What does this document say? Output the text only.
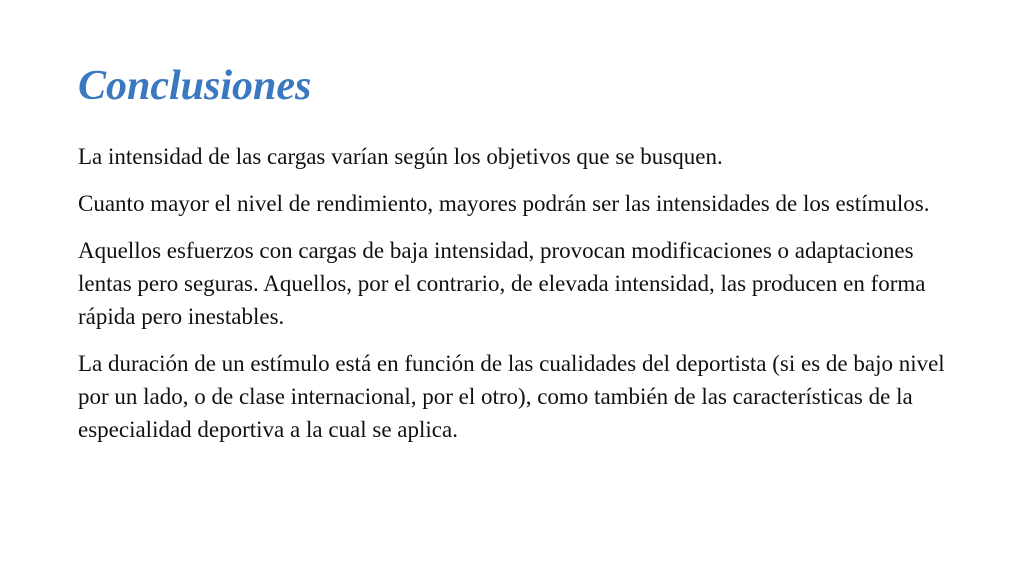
Conclusiones

La intensidad de las cargas varían según los objetivos que se busquen.

Cuanto mayor el nivel de rendimiento, mayores podrán ser las intensidades de los estímulos.

Aquellos esfuerzos con cargas de baja intensidad, provocan modificaciones o adaptaciones lentas pero seguras. Aquellos, por el contrario, de elevada intensidad, las producen en forma rápida pero inestables.

La duración de un estímulo está en función de las cualidades del deportista (si es de bajo nivel por un lado, o de clase internacional, por el otro), como también de las características de la especialidad deportiva a la cual se aplica.
